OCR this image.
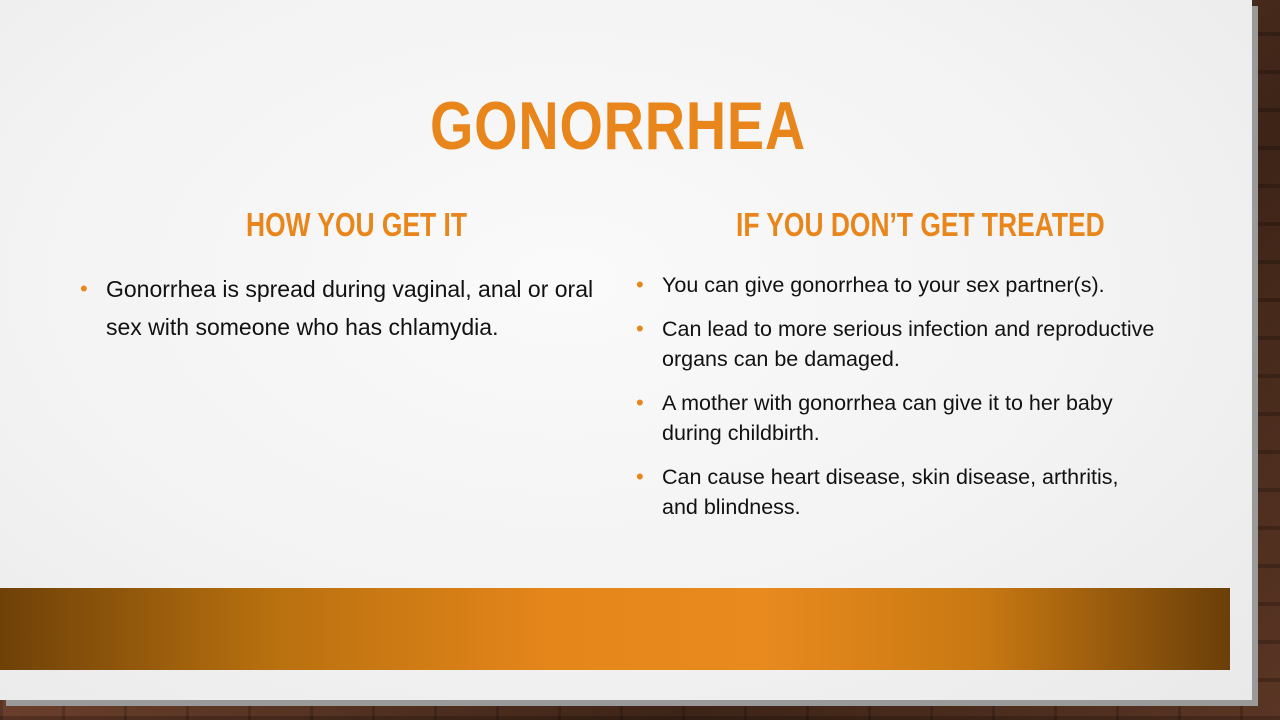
GONORRHEA
HOW YOU GET IT	IF YOU DON’T GET TREATED
• Gonorrhea is spread during vaginal, anal or oral sex with someone who has chlamydia.
• You can give gonorrhea to your sex partner(s).
• Can lead to more serious infection and reproductive organs can be damaged.
• A mother with gonorrhea can give it to her baby during childbirth.
• Can cause heart disease, skin disease, arthritis, and blindness.
